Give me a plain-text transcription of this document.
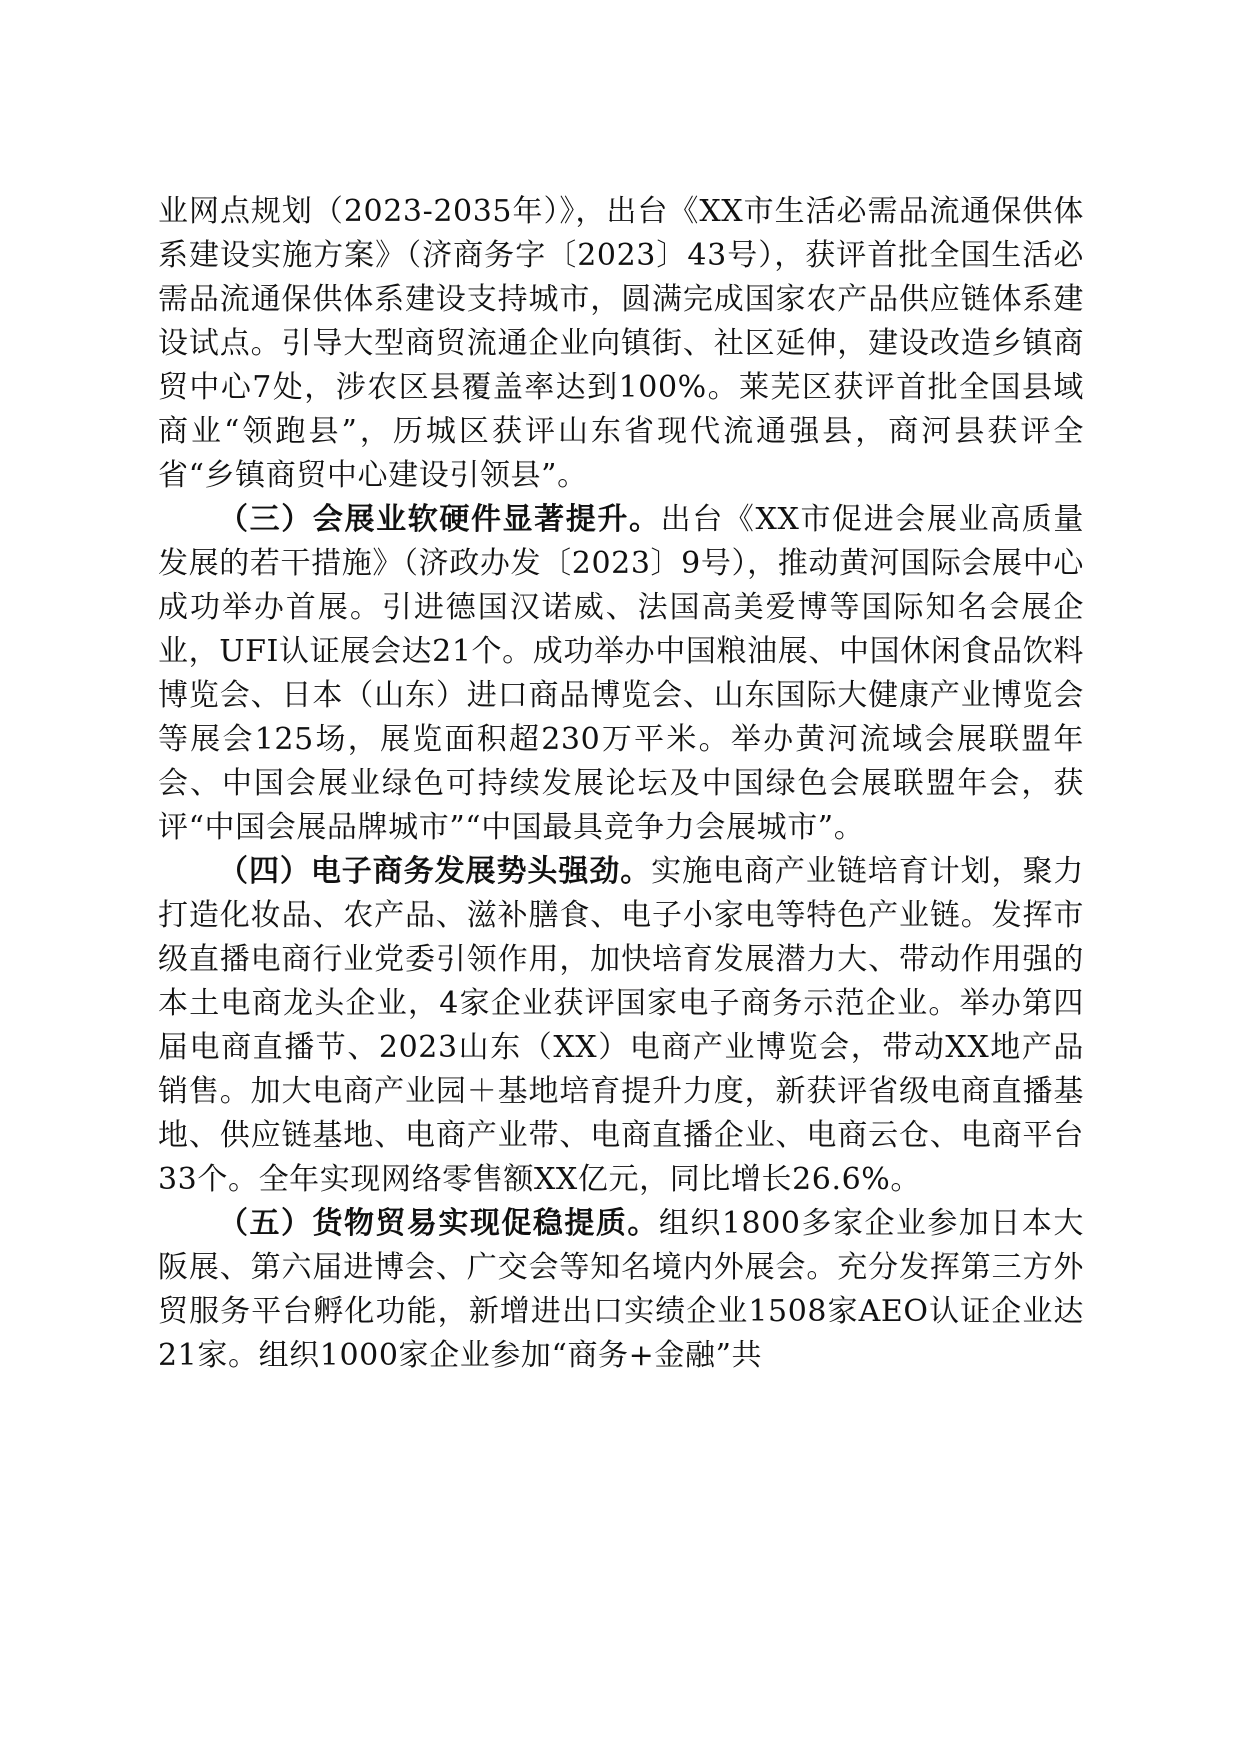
业网点规划（2023-2035年）》，出台《XX市生活必需品流通保供体系建设实施方案》（济商务字〔2023〕43号），获评首批全国生活必需品流通保供体系建设支持城市，圆满完成国家农产品供应链体系建设试点。引导大型商贸流通企业向镇街、社区延伸，建设改造乡镇商贸中心7处，涉农区县覆盖率达到100%。莱芜区获评首批全国县域商业“领跑县”，历城区获评山东省现代流通强县，商河县获评全省“乡镇商贸中心建设引领县”。

（三）会展业软硬件显著提升。出台《XX市促进会展业高质量发展的若干措施》（济政办发〔2023〕9号），推动黄河国际会展中心成功举办首展。引进德国汉诺威、法国高美爱博等国际知名会展企业，UFI认证展会达21个。成功举办中国粮油展、中国休闲食品饮料博览会、日本（山东）进口商品博览会、山东国际大健康产业博览会等展会125场，展览面积超230万平米。举办黄河流域会展联盟年会、中国会展业绿色可持续发展论坛及中国绿色会展联盟年会，获评“中国会展品牌城市”“中国最具竞争力会展城市”。

（四）电子商务发展势头强劲。实施电商产业链培育计划，聚力打造化妆品、农产品、滋补膳食、电子小家电等特色产业链。发挥市级直播电商行业党委引领作用，加快培育发展潜力大、带动作用强的本土电商龙头企业，4家企业获评国家电子商务示范企业。举办第四届电商直播节、2023山东（XX）电商产业博览会，带动XX地产品销售。加大电商产业园＋基地培育提升力度，新获评省级电商直播基地、供应链基地、电商产业带、电商直播企业、电商云仓、电商平台33个。全年实现网络零售额XX亿元，同比增长26.6%。

（五）货物贸易实现促稳提质。组织1800多家企业参加日本大阪展、第六届进博会、广交会等知名境内外展会。充分发挥第三方外贸服务平台孵化功能，新增进出口实绩企业1508家AEO认证企业达21家。组织1000家企业参加“商务+金融”共
